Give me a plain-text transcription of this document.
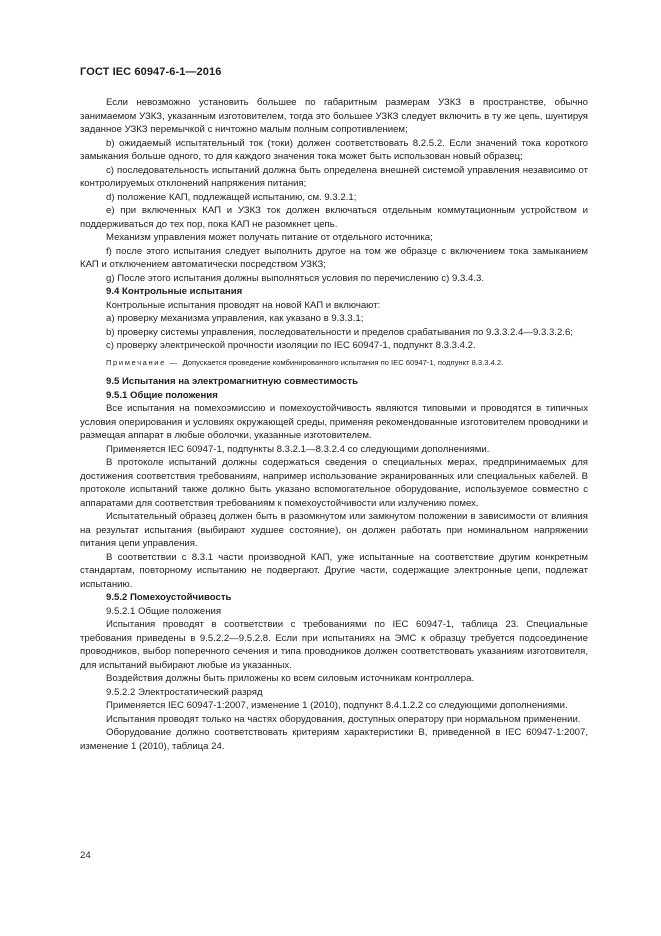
ГОСТ IEC 60947-6-1—2016

Если невозможно установить большее по габаритным размерам УЗКЗ в пространстве, обычно занимаемом УЗКЗ, указанным изготовителем, тогда это большее УЗКЗ следует включить в ту же цепь, шунтируя заданное УЗКЗ перемычкой с ничтожно малым полным сопротивлением;

b) ожидаемый испытательный ток (токи) должен соответствовать 8.2.5.2. Если значений тока короткого замыкания больше одного, то для каждого значения тока может быть использован новый образец;

c) последовательность испытаний должна быть определена внешней системой управления независимо от контролируемых отклонений напряжения питания;

d) положение КАП, подлежащей испытанию, см. 9.3.2.1;

e) при включенных КАП и УЗКЗ ток должен включаться отдельным коммутационным устройством и поддерживаться до тех пор, пока КАП не разомкнет цепь.

Механизм управления может получать питание от отдельного источника;

f) после этого испытания следует выполнить другое на том же образце с включением тока замыканием КАП и отключением автоматически посредством УЗКЗ;

g) После этого испытания должны выполняться условия по перечислению c) 9.3.4.3.

9.4 Контрольные испытания

Контрольные испытания проводят на новой КАП и включают:

a) проверку механизма управления, как указано в 9.3.3.1;

b) проверку системы управления, последовательности и пределов срабатывания по 9.3.3.2.4—9.3.3.2.6;

c) проверку электрической прочности изоляции по IEC 60947-1, подпункт 8.3.3.4.2.

Примечание — Допускается проведение комбинированного испытания по IEC 60947-1, подпункт 8.3.3.4.2.

9.5 Испытания на электромагнитную совместимость

9.5.1 Общие положения

Все испытания на помехоэмиссию и помехоустойчивость являются типовыми и проводятся в типичных условия оперирования и условиях окружающей среды, применяя рекомендованные изготовителем проводники и размещая аппарат в любые оболочки, указанные изготовителем.

Применяется IEC 60947-1, подпункты 8.3.2.1—8.3.2.4 со следующими дополнениями.

В протоколе испытаний должны содержаться сведения о специальных мерах, предпринимаемых для достижения соответствия требованиям, например использование экранированных или специальных кабелей. В протоколе испытаний также должно быть указано вспомогательное оборудование, используемое совместно с аппаратами для соответствия требованиям к помехоустойчивости или излучению помех.

Испытательный образец должен быть в разомкнутом или замкнутом положении в зависимости от влияния на результат испытания (выбирают худшее состояние), он должен работать при номинальном напряжении питания цепи управления.

В соответствии с 8.3.1 части производной КАП, уже испытанные на соответствие другим конкретным стандартам, повторному испытанию не подвергают. Другие части, содержащие электронные цепи, подлежат испытанию.

9.5.2 Помехоустойчивость

9.5.2.1 Общие положения

Испытания проводят в соответствии с требованиями по IEC 60947-1, таблица 23. Специальные требования приведены в 9.5.2.2—9.5.2.8. Если при испытаниях на ЭМС к образцу требуется подсоединение проводников, выбор поперечного сечения и типа проводников должен соответствовать указаниям изготовителя, для испытаний выбирают любые из указанных.

Воздействия должны быть приложены ко всем силовым источникам контроллера.

9.5.2.2 Электростатический разряд

Применяется IEC 60947-1:2007, изменение 1 (2010), подпункт 8.4.1.2.2 со следующими дополнениями.

Испытания проводят только на частях оборудования, доступных оператору при нормальном применении.

Оборудование должно соответствовать критериям характеристики B, приведенной в IEC 60947-1:2007, изменение 1 (2010), таблица 24.

24
